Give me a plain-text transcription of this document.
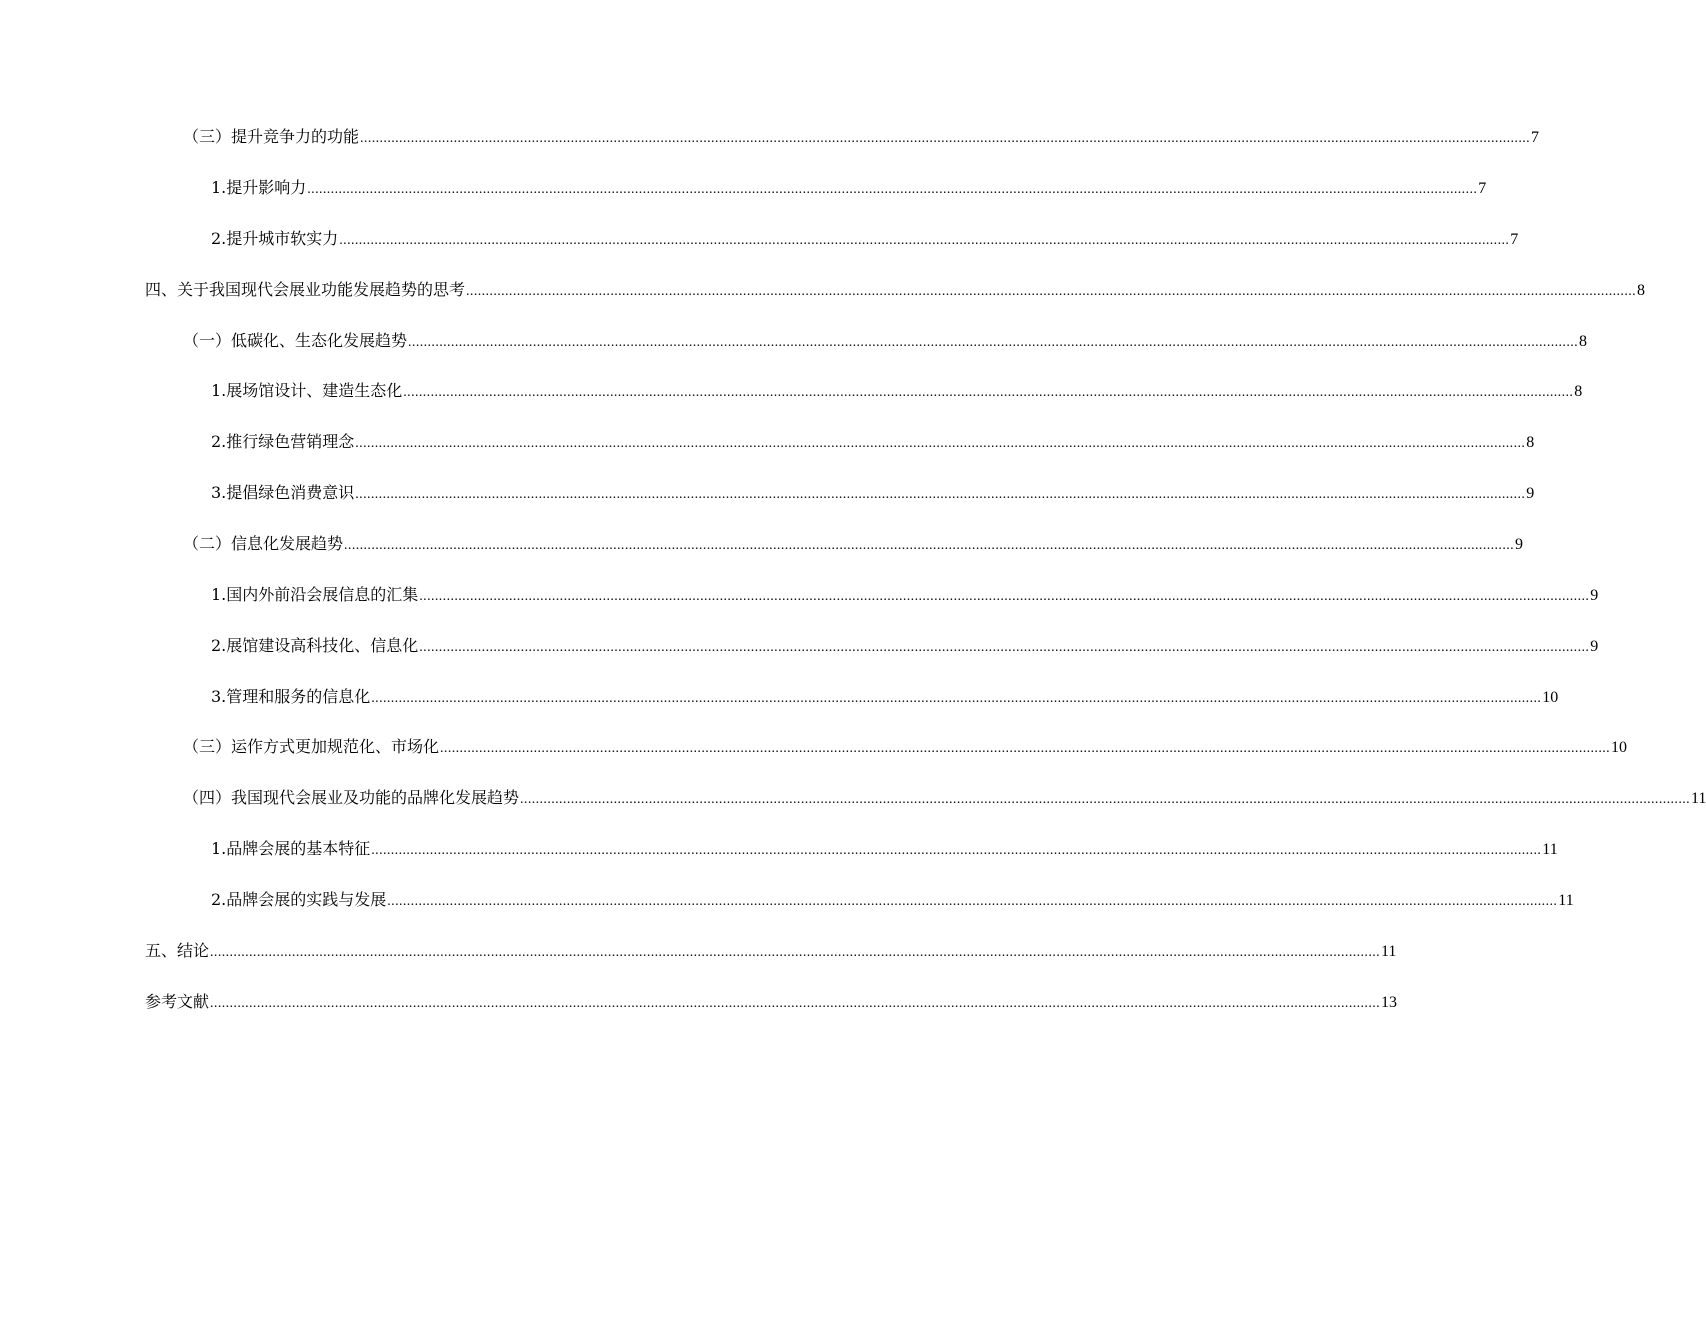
（三）提升竞争力的功能 ............................................................................................................................................................................................................................................................................................................ 7
1.提升影响力 ............................................................................................................................................................................................................................................................................................................ 7
2.提升城市软实力 ............................................................................................................................................................................................................................................................................................................ 7
四、关于我国现代会展业功能发展趋势的思考 ............................................................................................................................................................................................................................................................................................................ 8
（一）低碳化、生态化发展趋势 ............................................................................................................................................................................................................................................................................................................ 8
1.展场馆设计、建造生态化 ............................................................................................................................................................................................................................................................................................................ 8
2.推行绿色营销理念 ............................................................................................................................................................................................................................................................................................................ 8
3.提倡绿色消费意识 ............................................................................................................................................................................................................................................................................................................ 9
（二）信息化发展趋势 ............................................................................................................................................................................................................................................................................................................ 9
1.国内外前沿会展信息的汇集 ............................................................................................................................................................................................................................................................................................................ 9
2.展馆建设高科技化、信息化 ............................................................................................................................................................................................................................................................................................................ 9
3.管理和服务的信息化 ............................................................................................................................................................................................................................................................................................................ 10
（三）运作方式更加规范化、市场化 ............................................................................................................................................................................................................................................................................................................ 10
（四）我国现代会展业及功能的品牌化发展趋势 ............................................................................................................................................................................................................................................................................................................ 11
1.品牌会展的基本特征 ............................................................................................................................................................................................................................................................................................................ 11
2.品牌会展的实践与发展 ............................................................................................................................................................................................................................................................................................................ 11
五、结论 ............................................................................................................................................................................................................................................................................................................ 11
参考文献 ............................................................................................................................................................................................................................................................................................................ 13
